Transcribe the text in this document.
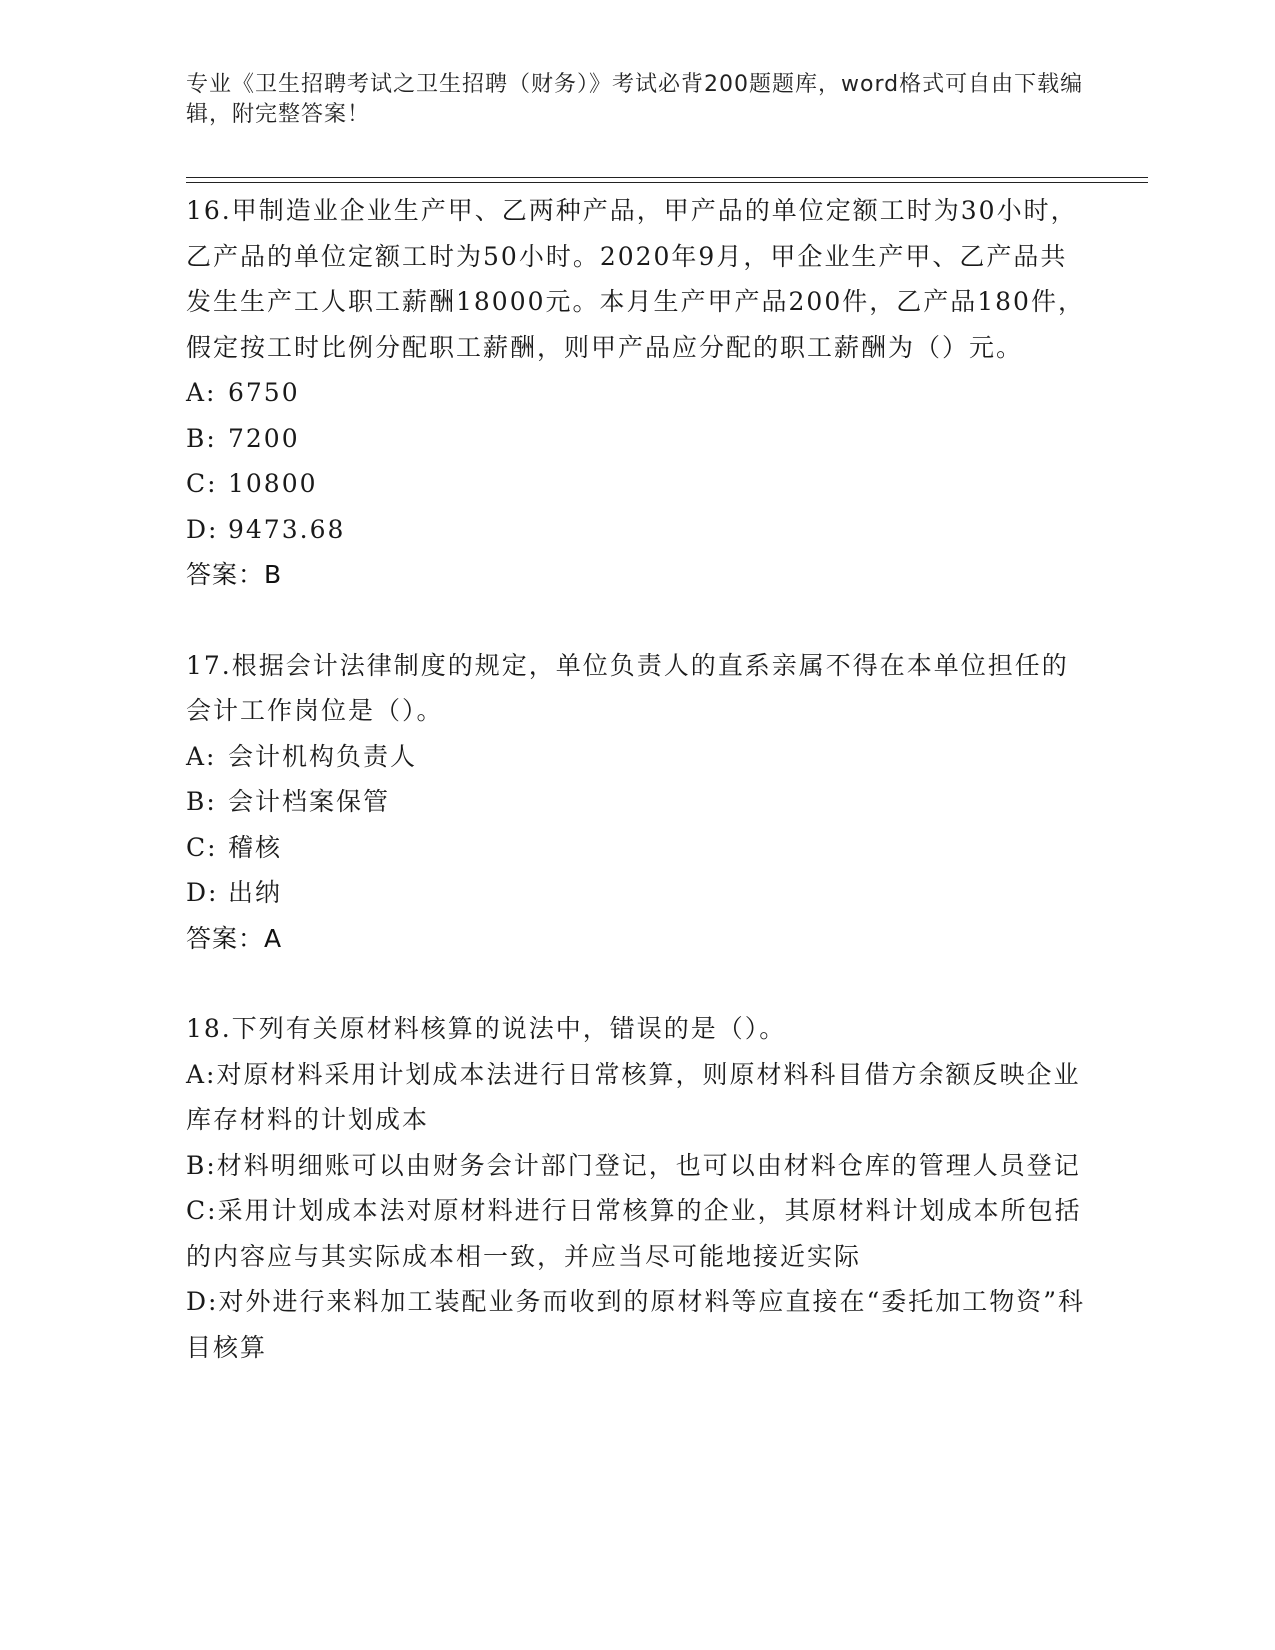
专业《卫生招聘考试之卫生招聘（财务）》考试必背200题题库，word格式可自由下载编辑，附完整答案！
16.甲制造业企业生产甲、乙两种产品，甲产品的单位定额工时为30小时，乙产品的单位定额工时为50小时。2020年9月，甲企业生产甲、乙产品共发生生产工人职工薪酬18000元。本月生产甲产品200件，乙产品180件，假定按工时比例分配职工薪酬，则甲产品应分配的职工薪酬为（）元。
A: 6750
B: 7200
C: 10800
D: 9473.68
答案：B
17.根据会计法律制度的规定，单位负责人的直系亲属不得在本单位担任的会计工作岗位是（）。
A: 会计机构负责人
B: 会计档案保管
C: 稽核
D: 出纳
答案：A
18.下列有关原材料核算的说法中，错误的是（）。
A:对原材料采用计划成本法进行日常核算，则原材料科目借方余额反映企业库存材料的计划成本
B:材料明细账可以由财务会计部门登记，也可以由材料仓库的管理人员登记
C:采用计划成本法对原材料进行日常核算的企业，其原材料计划成本所包括的内容应与其实际成本相一致，并应当尽可能地接近实际
D:对外进行来料加工装配业务而收到的原材料等应直接在“委托加工物资”科目核算
